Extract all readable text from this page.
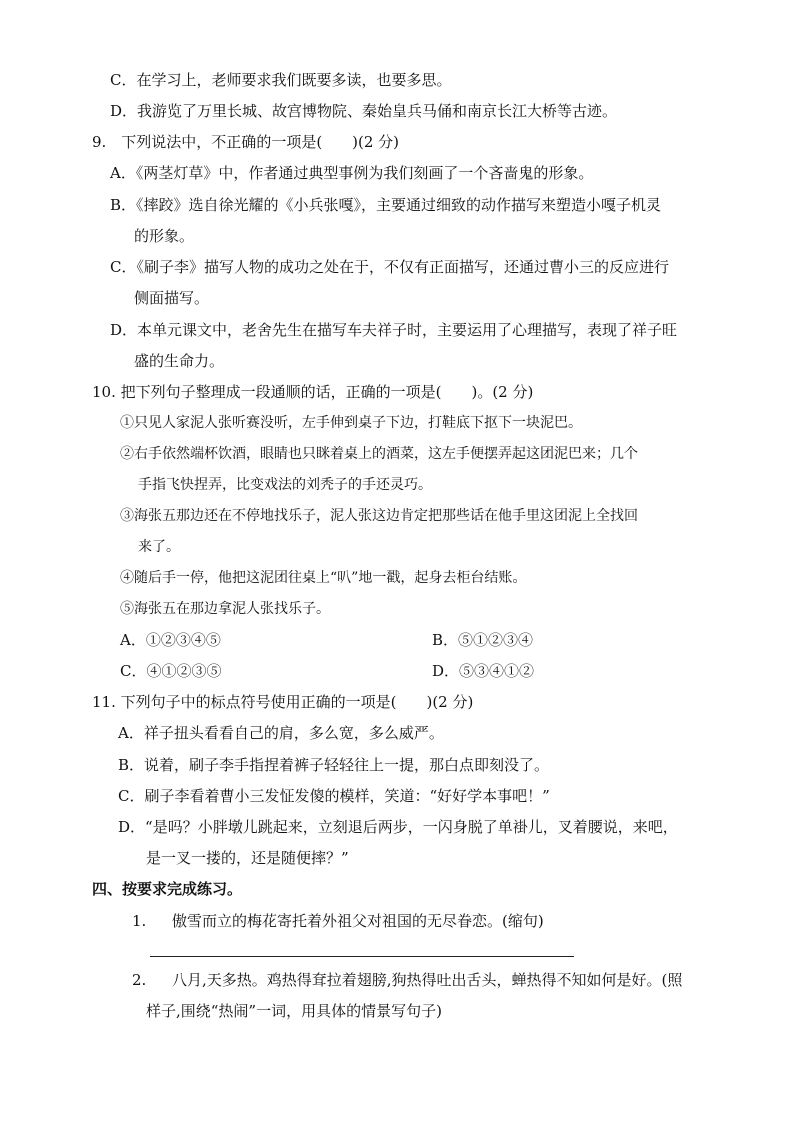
C．在学习上，老师要求我们既要多读，也要多思。
D．我游览了万里长城、故宫博物院、秦始皇兵马俑和南京长江大桥等古迹。
9.　下列说法中，不正确的一项是(　　)(2 分)
A．《两茎灯草》中，作者通过典型事例为我们刻画了一个吝啬鬼的形象。
B．《摔跤》选自徐光耀的《小兵张嘎》，主要通过细致的动作描写来塑造小嘎子机灵
的形象。
C．《刷子李》描写人物的成功之处在于，不仅有正面描写，还通过曹小三的反应进行
侧面描写。
D．本单元课文中，老舍先生在描写车夫祥子时，主要运用了心理描写，表现了祥子旺
盛的生命力。
10. 把下列句子整理成一段通顺的话，正确的一项是(　　)。(2 分)
①只见人家泥人张听赛没听，左手伸到桌子下边，打鞋底下抠下一块泥巴。
②右手依然端杯饮酒，眼睛也只眯着桌上的酒菜，这左手便摆弄起这团泥巴来；几个
手指飞快捏弄，比变戏法的刘秃子的手还灵巧。
③海张五那边还在不停地找乐子，泥人张这边肯定把那些话在他手里这团泥上全找回
来了。
④随后手一停，他把这泥团往桌上“叭”地一戳，起身去柜台结账。
⑤海张五在那边拿泥人张找乐子。
A．①②③④⑤	B．⑤①②③④
C．④①②③⑤	D．⑤③④①②
11. 下列句子中的标点符号使用正确的一项是(　　)(2 分)
A．祥子扭头看看自己的肩，多么宽，多么威严。
B．说着，刷子李手指捏着裤子轻轻往上一提，那白点即刻没了。
C．刷子李看着曹小三发怔发傻的模样，笑道：“好好学本事吧！”
D．“是吗？小胖墩儿跳起来，立刻退后两步，一闪身脱了单褂儿，叉着腰说，来吧，
是一叉一搂的，还是随便摔？”
四、按要求完成练习。
1. 傲雪而立的梅花寄托着外祖父对祖国的无尽眷恋。(缩句)
2. 八月,天多热。鸡热得耷拉着翅膀,狗热得吐出舌头，蝉热得不知如何是好。(照
样子,围绕“热闹”一词，用具体的情景写句子)
